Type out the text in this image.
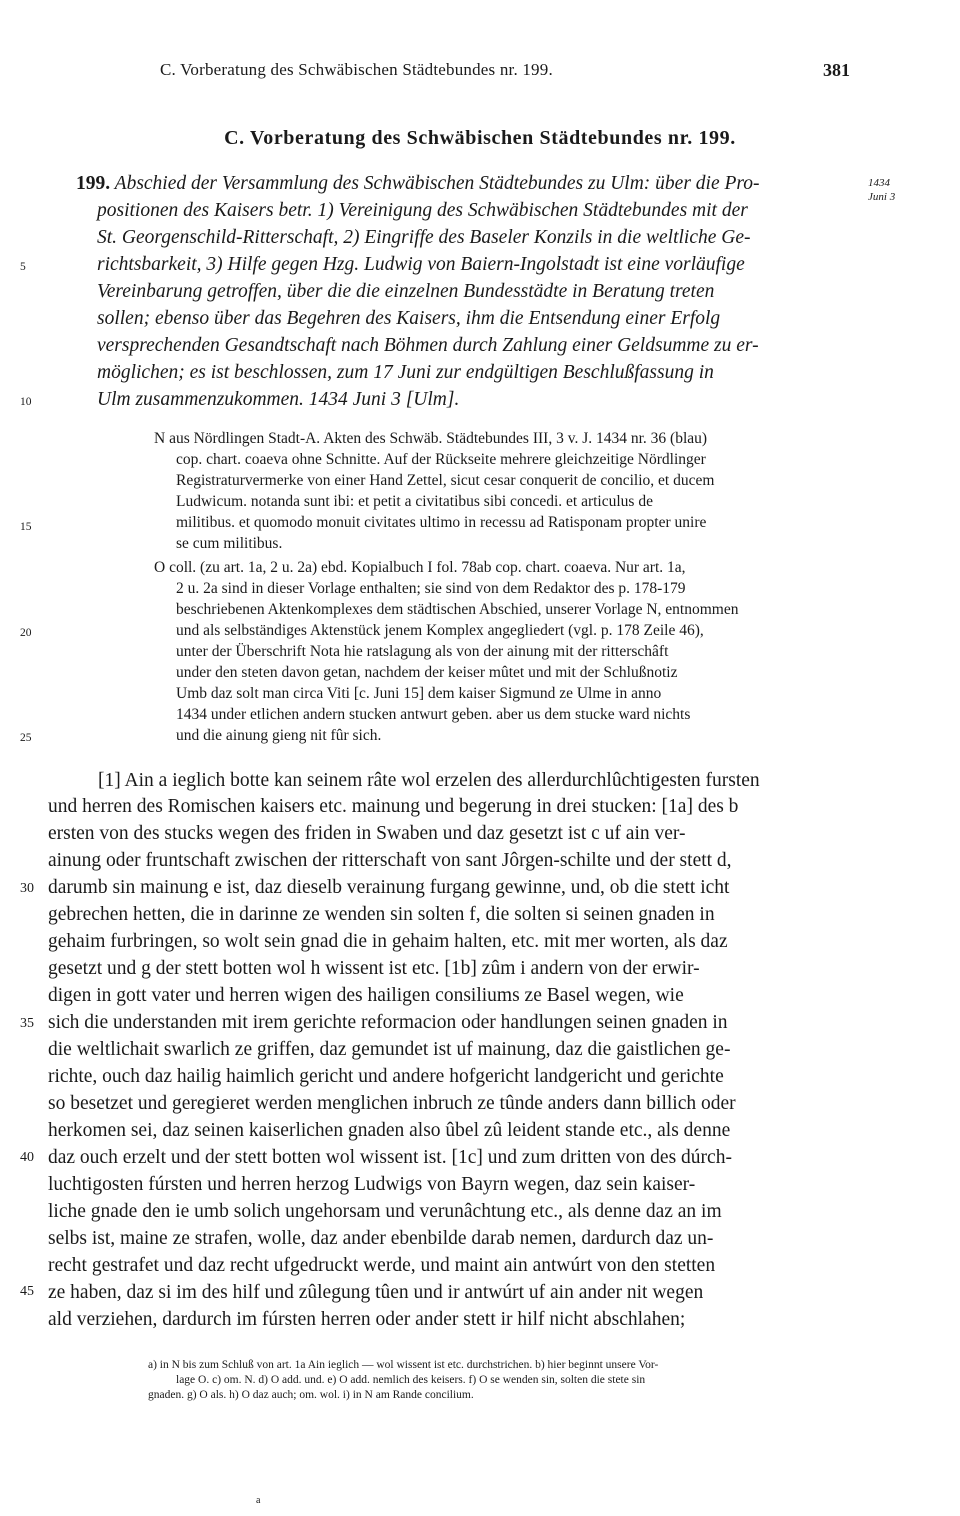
C. Vorberatung des Schwäbischen Städtebundes nr. 199.	381
C. Vorberatung des Schwäbischen Städtebundes nr. 199.
199. Abschied der Versammlung des Schwäbischen Städtebundes zu Ulm: über die Pro-
positionen des Kaisers betr. 1) Vereinigung des Schwäbischen Städtebundes mit der
St. Georgenschild-Ritterschaft, 2) Eingriffe des Baseler Konzils in die weltliche Ge-
richtsbarkeit, 3) Hilfe gegen Hzg. Ludwig von Baiern-Ingolstadt ist eine vorläufige
Vereinbarung getroffen, über die die einzelnen Bundesstädte in Beratung treten
sollen; ebenso über das Begehren des Kaisers, ihm die Entsendung einer Erfolg
versprechenden Gesandtschaft nach Böhmen durch Zahlung einer Geldsumme zu er-
möglichen; es ist beschlossen, zum 17 Juni zur endgültigen Beschlußfassung in
Ulm zusammenzukommen. 1434 Juni 3 [Ulm].
1434
Juni 3
5
10
15
20
25
30
35
40
45
N aus Nördlingen Stadt-A. Akten des Schwäb. Städtebundes III, 3 v. J. 1434 nr. 36 (blau)
cop. chart. coaeva ohne Schnitte. Auf der Rückseite mehrere gleichzeitige Nördlinger
Registraturvermerke von einer Hand Zettel, sicut cesar conquerit de concilio, et ducem
Ludwicum. notanda sunt ibi: et petit a civitatibus sibi concedi. et articulus de
militibus. et quomodo monuit civitates ultimo in recessu ad Ratisponam propter unire
se cum militibus.
O coll. (zu art. 1a, 2 u. 2a) ebd. Kopialbuch I fol. 78ab cop. chart. coaeva. Nur art. 1a,
2 u. 2a sind in dieser Vorlage enthalten; sie sind von dem Redaktor des p. 178-179
beschriebenen Aktenkomplexes dem städtischen Abschied, unserer Vorlage N, entnommen
und als selbständiges Aktenstück jenem Komplex angegliedert (vgl. p. 178 Zeile 46),
unter der Überschrift Nota hie ratslagung als von der ainung mit der ritterschâft
under den steten davon getan, nachdem der keiser mûtet und mit der Schlußnotiz
Umb daz solt man circa Viti [c. Juni 15] dem kaiser Sigmund ze Ulme in anno
1434 under etlichen andern stucken antwurt geben. aber us dem stucke ward nichts
und die ainung gieng nit fûr sich.
[1] Ain a ieglich botte kan seinem râte wol erzelen des allerdurchlûchtigesten fursten
und herren des Romischen kaisers etc. mainung und begerung in drei stucken: [1a] des b
ersten von des stucks wegen des friden in Swaben und daz gesetzt ist c uf ain ver-
ainung oder fruntschaft zwischen der ritterschaft von sant Jôrgen-schilte und der stett d,
darumb sin mainung e ist, daz dieselb verainung furgang gewinne, und, ob die stett icht
gebrechen hetten, die in darinne ze wenden sin solten f, die solten si seinen gnaden in
gehaim furbringen, so wolt sein gnad die in gehaim halten, etc. mit mer worten, als daz
gesetzt und g der stett botten wol h wissent ist etc. [1b] zûm i andern von der erwir-
digen in gott vater und herren wigen des hailigen consiliums ze Basel wegen, wie
sich die understanden mit irem gerichte reformacion oder handlungen seinen gnaden in
die weltlichait swarlich ze griffen, daz gemundet ist uf mainung, daz die gaistlichen ge-
richte, ouch daz hailig haimlich gericht und andere hofgericht landgericht und gerichte
so besetzet und geregieret werden menglichen inbruch ze tûnde anders dann billich oder
herkomen sei, daz seinen kaiserlichen gnaden also ûbel zû leident stande etc., als denne
daz ouch erzelt und der stett botten wol wissent ist. [1c] und zum dritten von des dúrch-
luchtigosten fúrsten und herren herzog Ludwigs von Bayrn wegen, daz sein kaiser-
liche gnade den ie umb solich ungehorsam und verunâchtung etc., als denne daz an im
selbs ist, maine ze strafen, wolle, daz ander ebenbilde darab nemen, dardurch daz un-
recht gestrafet und daz recht ufgedruckt werde, und maint ain antwúrt von den stetten
ze haben, daz si im des hilf und zûlegung tûen und ir antwúrt uf ain ander nit wegen
ald verziehen, dardurch im fúrsten herren oder ander stett ir hilf nicht abschlahen;
a) in N bis zum Schluß von art. 1a Ain ieglich — wol wissent ist etc. durchstrichen. b) hier beginnt unsere Vor-
lage O. c) om. N. d) O add. und. e) O add. nemlich des keisers. f) O se wenden sin, solten die stete sin
gnaden. g) O als. h) O daz auch; om. wol. i) in N am Rande concilium.
a
